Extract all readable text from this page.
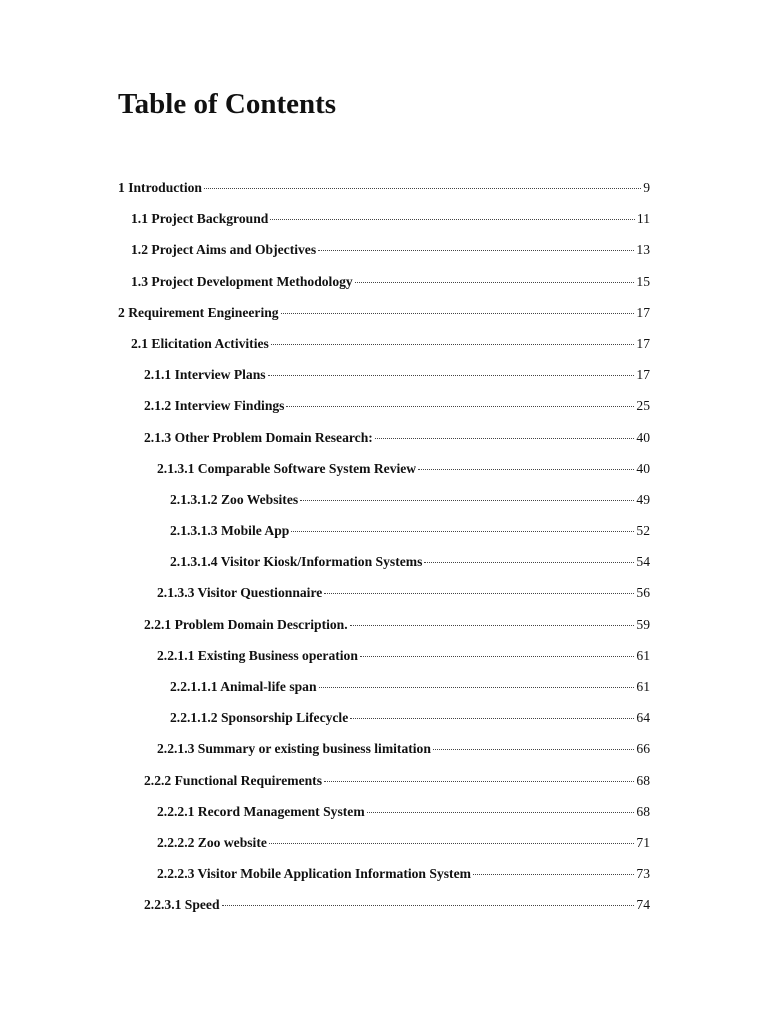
Table of Contents
1 Introduction	9
1.1 Project Background	11
1.2 Project Aims and Objectives	13
1.3 Project Development Methodology	15
2 Requirement Engineering	17
2.1 Elicitation Activities	17
2.1.1 Interview Plans	17
2.1.2 Interview Findings	25
2.1.3 Other Problem Domain Research:	40
2.1.3.1 Comparable Software System Review	40
2.1.3.1.2 Zoo Websites	49
2.1.3.1.3 Mobile App	52
2.1.3.1.4 Visitor Kiosk/Information Systems	54
2.1.3.3 Visitor Questionnaire	56
2.2.1 Problem Domain Description.	59
2.2.1.1 Existing Business operation	61
2.2.1.1.1 Animal-life span	61
2.2.1.1.2 Sponsorship Lifecycle	64
2.2.1.3 Summary or existing business limitation	66
2.2.2 Functional Requirements	68
2.2.2.1 Record Management System	68
2.2.2.2 Zoo website	71
2.2.2.3 Visitor Mobile Application Information System	73
2.2.3.1 Speed	74
